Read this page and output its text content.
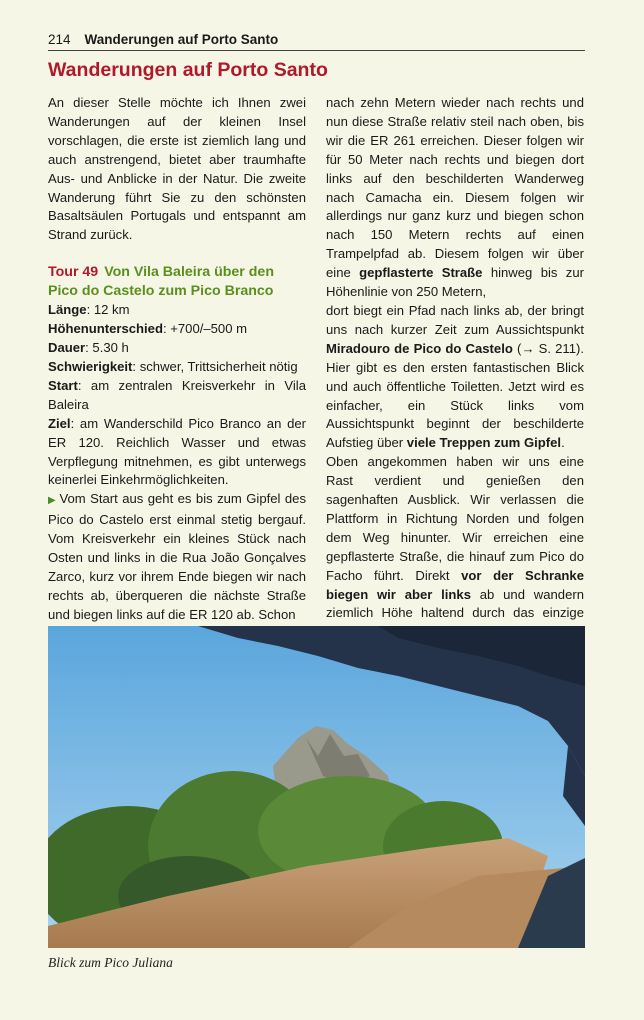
214 Wanderungen auf Porto Santo
Wanderungen auf Porto Santo

An dieser Stelle möchte ich Ihnen zwei Wanderungen auf der kleinen Insel vorschlagen, die erste ist ziemlich lang und auch anstrengend, bietet aber traumhafte Aus- und Anblicke in der Natur. Die zweite Wanderung führt Sie zu den schönsten Basaltsäulen Portugals und entspannt am Strand zurück.

Tour 49 Von Vila Baleira über den Pico do Castelo zum Pico Branco

Länge: 12 km

Höhenunterschied: +700/–500 m

Dauer: 5.30 h

Schwierigkeit: schwer, Trittsicherheit nötig

Start: am zentralen Kreisverkehr in Vila Baleira

Ziel: am Wanderschild Pico Branco an der ER 120. Reichlich Wasser und etwas Verpflegung mitnehmen, es gibt unterwegs keinerlei Einkehrmöglichkeiten.

▶ Vom Start aus geht es bis zum Gipfel des Pico do Castelo erst einmal stetig bergauf. Vom Kreisverkehr ein kleines Stück nach Osten und links in die Rua João Gonçalves Zarco, kurz vor ihrem Ende biegen wir nach rechts ab, überqueren die nächste Straße und biegen links auf die ER 120 ab. Schon

nach zehn Metern wieder nach rechts und nun diese Straße relativ steil nach oben, bis wir die ER 261 erreichen. Dieser folgen wir für 50 Meter nach rechts und biegen dort links auf den beschilderten Wanderweg nach Camacha ein. Diesem folgen wir allerdings nur ganz kurz und biegen schon nach 150 Metern rechts auf einen Trampelpfad ab. Diesem folgen wir über eine gepflasterte Straße hinweg bis zur Höhenlinie von 250 Metern,

dort biegt ein Pfad nach links ab, der bringt uns nach kurzer Zeit zum Aussichtspunkt Miradouro de Pico do Castelo (→ S. 211). Hier gibt es den ersten fantastischen Blick und auch öffentliche Toiletten. Jetzt wird es einfacher, ein Stück links vom Aussichtspunkt beginnt der beschilderte Aufstieg über viele Treppen zum Gipfel.

Oben angekommen haben wir uns eine Rast verdient und genießen den sagenhaften Ausblick. Wir verlassen die Plattform in Richtung Norden und folgen dem Weg hinunter. Wir erreichen eine gepflasterte Straße, die hinauf zum Pico do Facho führt. Direkt vor der Schranke biegen wir aber links ab und wandern ziemlich Höhe haltend durch das einzige

Blick zum Pico Juliana
